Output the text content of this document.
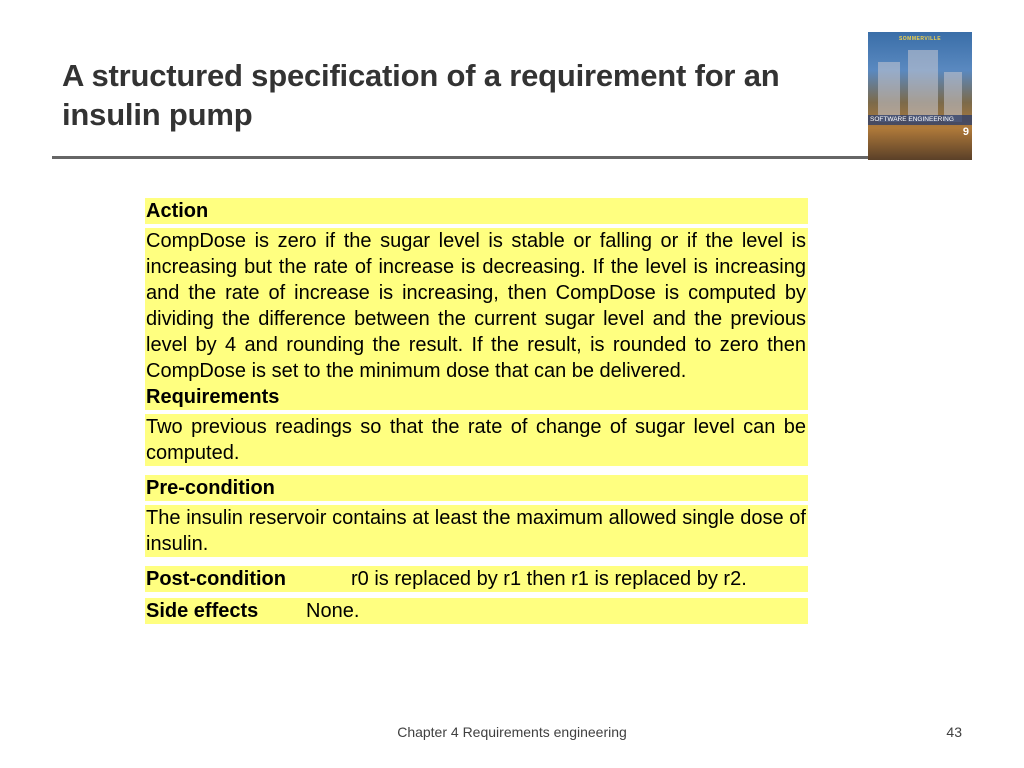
A structured specification of a requirement for an insulin pump
SOMMERVILLE
SOFTWARE ENGINEERING
9
Action
CompDose is zero if the sugar level is stable or falling or if the level is increasing but the rate of increase is decreasing. If the level is increasing and the rate of increase is increasing, then CompDose is computed by dividing the difference between the current sugar level and the previous level by 4 and rounding the result. If the result, is rounded to zero then CompDose is set to the minimum dose that can be delivered.
Requirements
Two previous readings so that the rate of change of sugar level can be computed.
Pre-condition
The insulin reservoir contains at least the maximum allowed single dose of insulin.
Post-condition	r0 is replaced by r1 then r1 is replaced by r2.
Side effects	None.
Chapter 4 Requirements engineering	43
